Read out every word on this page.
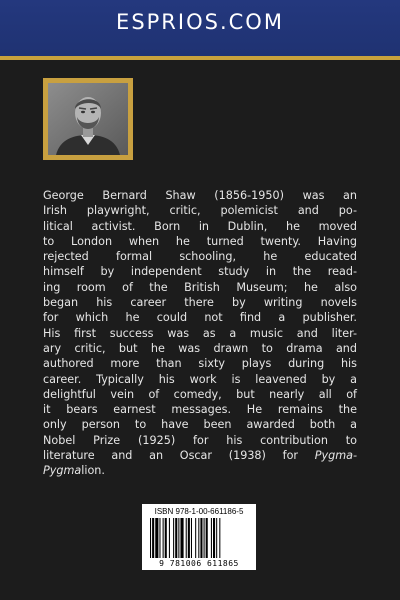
ESPRIOS.COM

George Bernard Shaw (1856-1950) was an
Irish playwright, critic, polemicist and po-
litical activist. Born in Dublin, he moved
to London when he turned twenty. Having
rejected formal schooling, he educated
himself by independent study in the read-
ing room of the British Museum; he also
began his career there by writing novels
for which he could not find a publisher.
His first success was as a music and liter-
ary critic, but he was drawn to drama and
authored more than sixty plays during his
career. Typically his work is leavened by a
delightful vein of comedy, but nearly all of
it bears earnest messages. He remains the
only person to have been awarded both a
Nobel Prize (1925) for his contribution to
literature and an Oscar (1938) for Pygma-
Pygmalion.

ISBN 978-1-00-661186-5
9 781006 611865
